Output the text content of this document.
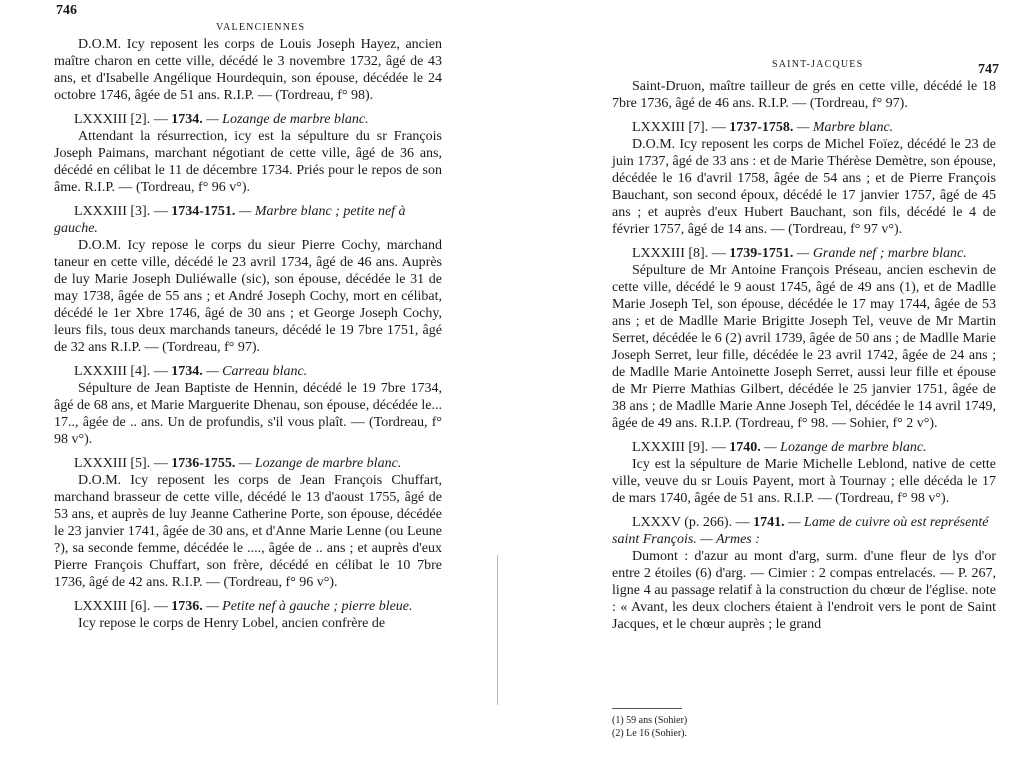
746
VALENCIENNES

D.O.M. Icy reposent les corps de Louis Joseph Hayez, ancien maître charon en cette ville, décédé le 3 novembre 1732, âgé de 43 ans, et d'Isabelle Angélique Hourdequin, son épouse, décédée le 24 octobre 1746, âgée de 51 ans. R.I.P. — (Tordreau, f° 98).

LXXXIII [2]. — 1734. — Lozange de marbre blanc.

Attendant la résurrection, icy est la sépulture du sr François Joseph Paimans, marchant négotiant de cette ville, âgé de 36 ans, décédé en célibat le 11 de décembre 1734. Priés pour le repos de son âme. R.I.P. — (Tordreau, f° 96 v°).

LXXXIII [3]. — 1734-1751. — Marbre blanc ; petite nef à gauche.

D.O.M. Icy repose le corps du sieur Pierre Cochy, marchand taneur en cette ville, décédé le 23 avril 1734, âgé de 46 ans. Auprès de luy Marie Joseph Duliéwalle (sic), son épouse, décédée le 31 de may 1738, âgée de 55 ans ; et André Joseph Cochy, mort en célibat, décédé le 1er Xbre 1746, âgé de 30 ans ; et George Joseph Cochy, leurs fils, tous deux marchands taneurs, décédé le 19 7bre 1751, âgé de 32 ans R.I.P. — (Tordreau, f° 97).

LXXXIII [4]. — 1734. — Carreau blanc.

Sépulture de Jean Baptiste de Hennin, décédé le 19 7bre 1734, âgé de 68 ans, et Marie Marguerite Dhenau, son épouse, décédée le... 17.., âgée de .. ans. Un de profundis, s'il vous plaît. — (Tordreau, f° 98 v°).

LXXXIII [5]. — 1736-1755. — Lozange de marbre blanc.

D.O.M. Icy reposent les corps de Jean François Chuffart, marchand brasseur de cette ville, décédé le 13 d'aoust 1755, âgé de 53 ans, et auprès de luy Jeanne Catherine Porte, son épouse, décédée le 23 janvier 1741, âgée de 30 ans, et d'Anne Marie Lenne (ou Leune ?), sa seconde femme, décédée le ...., âgée de .. ans ; et auprès d'eux Pierre François Chuffart, son frère, décédé en célibat le 10 7bre 1736, âgé de 42 ans. R.I.P. — (Tordreau, f° 96 v°).

LXXXIII [6]. — 1736. — Petite nef à gauche ; pierre bleue.

Icy repose le corps de Henry Lobel, ancien confrère de

SAINT-JACQUES	747

Saint-Druon, maître tailleur de grés en cette ville, décédé le 18 7bre 1736, âgé de 46 ans. R.I.P. — (Tordreau, f° 97).

LXXXIII [7]. — 1737-1758. — Marbre blanc.

D.O.M. Icy reposent les corps de Michel Foïez, décédé le 23 de juin 1737, âgé de 33 ans : et de Marie Thérèse Demètre, son épouse, décédée le 16 d'avril 1758, âgée de 54 ans ; et de Pierre François Bauchant, son second époux, décédé le 17 janvier 1757, âgé de 45 ans ; et auprès d'eux Hubert Bauchant, son fils, décédé le 4 de février 1757, âgé de 14 ans. — (Tordreau, f° 97 v°).

LXXXIII [8]. — 1739-1751. — Grande nef ; marbre blanc.

Sépulture de Mr Antoine François Préseau, ancien eschevin de cette ville, décédé le 9 aoust 1745, âgé de 49 ans (1), et de Madlle Marie Joseph Tel, son épouse, décédée le 17 may 1744, âgée de 53 ans ; et de Madlle Marie Brigitte Joseph Tel, veuve de Mr Martin Serret, décédée le 6 (2) avril 1739, âgée de 50 ans ; de Madlle Marie Joseph Serret, leur fille, décédée le 23 avril 1742, âgée de 24 ans ; de Madlle Marie Antoinette Joseph Serret, aussi leur fille et épouse de Mr Pierre Mathias Gilbert, décédée le 25 janvier 1751, âgée de 38 ans ; de Madlle Marie Anne Joseph Tel, décédée le 14 avril 1749, âgée de 49 ans. R.I.P. (Tordreau, f° 98. — Sohier, f° 2 v°).

LXXXIII [9]. — 1740. — Lozange de marbre blanc.

Icy est la sépulture de Marie Michelle Leblond, native de cette ville, veuve du sr Louis Payent, mort à Tournay ; elle décéda le 17 de mars 1740, âgée de 51 ans. R.I.P. — (Tordreau, f° 98 v°).

LXXXV (p. 266). — 1741. — Lame de cuivre où est représenté saint François. — Armes :

Dumont : d'azur au mont d'arg, surm. d'une fleur de lys d'or entre 2 étoiles (6) d'arg. — Cimier : 2 compas entrelacés. — P. 267, ligne 4 au passage relatif à la construction du chœur de l'église. note : « Avant, les deux clochers étaient à l'endroit vers le pont de Saint Jacques, et le chœur auprès ; le grand

(1) 59 ans (Sohier)
(2) Le 16 (Sohier).
